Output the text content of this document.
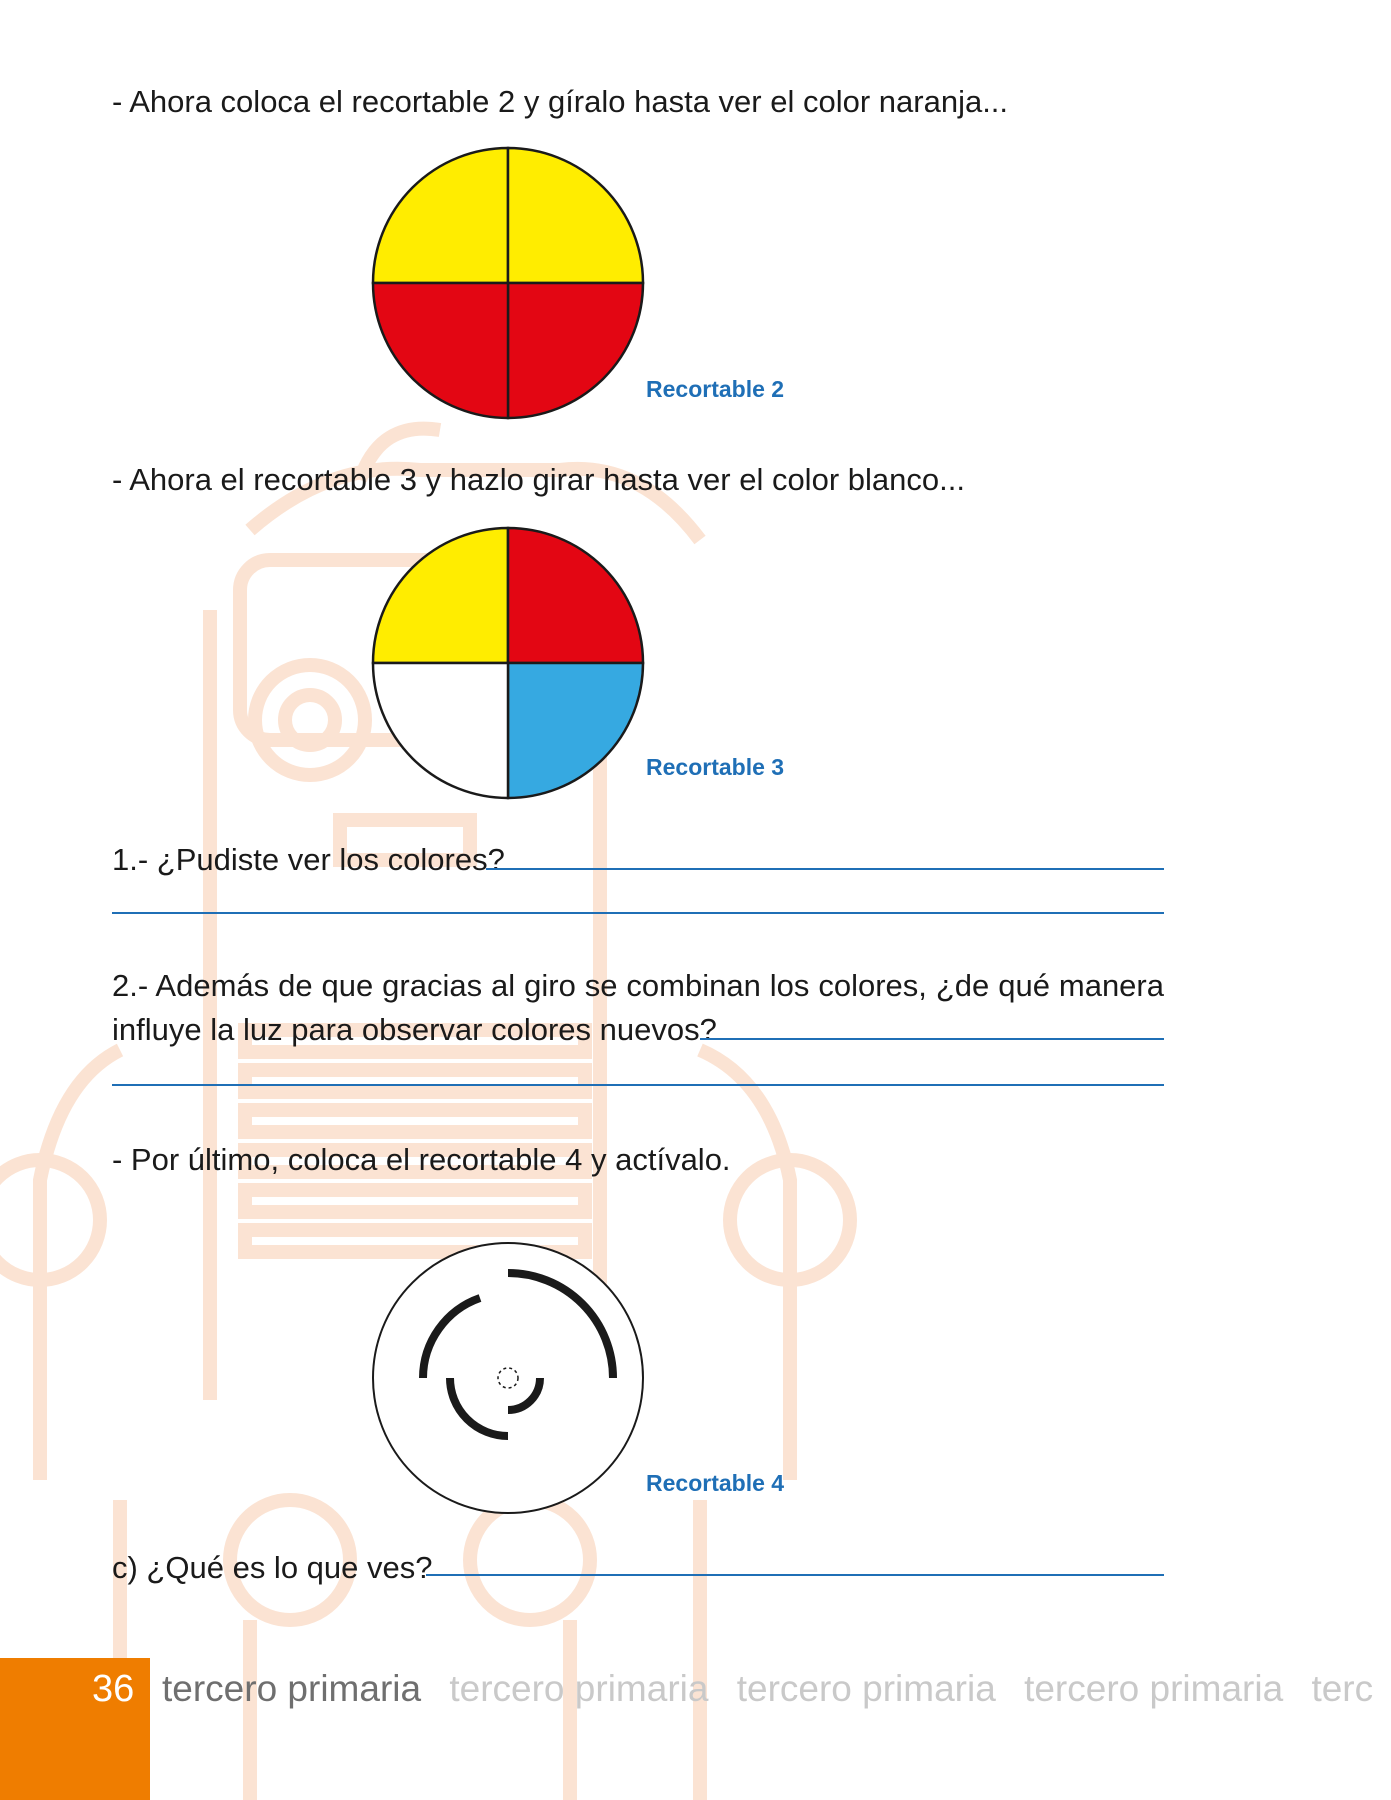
- Ahora coloca el recortable 2 y gíralo hasta ver el color naranja...
Recortable 2
- Ahora el recortable 3 y hazlo girar hasta ver el color blanco...
Recortable 3
1.- ¿Pudiste ver los colores?
2.- Además de que gracias al giro se combinan los colores, ¿de qué manera
influye la luz para observar colores nuevos?
- Por último, coloca el recortable 4 y actívalo.
Recortable 4
c) ¿Qué es lo que ves?
36 tercero primaria tercero primaria tercero primaria tercero primaria terc
